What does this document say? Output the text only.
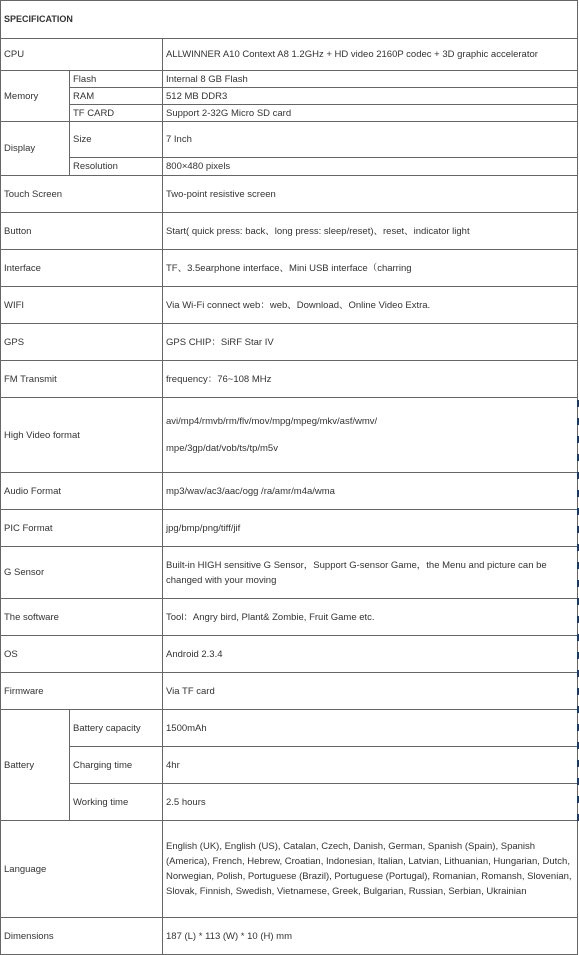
SPECIFICATION		
CPU		ALLWINNER A10 Context A8 1.2GHz + HD video 2160P codec + 3D graphic accelerator
Memory	Flash	Internal 8 GB Flash
	RAM	512 MB DDR3
	TF CARD	Support 2-32G Micro SD card
Display	Size	7 Inch
	Resolution	800×480 pixels
Touch Screen		Two-point resistive screen
Button		Start( quick press: back、long press: sleep/reset)、reset、indicator light
Interface		TF、3.5earphone interface、Mini USB interface（charring
WIFI		Via Wi-Fi connect web：web、Download、Online Video Extra.
GPS		GPS CHIP：SiRF Star IV
FM Transmit		frequency：76~108 MHz
High Video format		avi/mp4/rmvb/rm/flv/mov/mpg/mpeg/mkv/asf/wmv/
mpe/3gp/dat/vob/ts/tp/m5v

Audio Format		mp3/wav/ac3/aac/ogg /ra/amr/m4a/wma
PIC Format		jpg/bmp/png/tiff/jif
G Sensor		Built-in HIGH sensitive G Sensor，Support G-sensor Game，the Menu and picture can be changed with your moving
The software		Tool：Angry bird, Plant& Zombie, Fruit Game etc.
OS		Android 2.3.4
Firmware		Via TF card
Battery	Battery capacity	1500mAh
	Charging time	4hr
	Working time	2.5 hours
Language		English (UK), English (US), Catalan, Czech, Danish, German, Spanish (Spain), Spanish (America), French, Hebrew, Croatian, Indonesian, Italian, Latvian, Lithuanian, Hungarian, Dutch, Norwegian, Polish, Portuguese (Brazil), Portuguese (Portugal), Romanian, Romansh, Slovenian, Slovak, Finnish, Swedish, Vietnamese, Greek, Bulgarian, Russian, Serbian, Ukrainian
Dimensions		187 (L) * 113 (W) * 10 (H) mm
